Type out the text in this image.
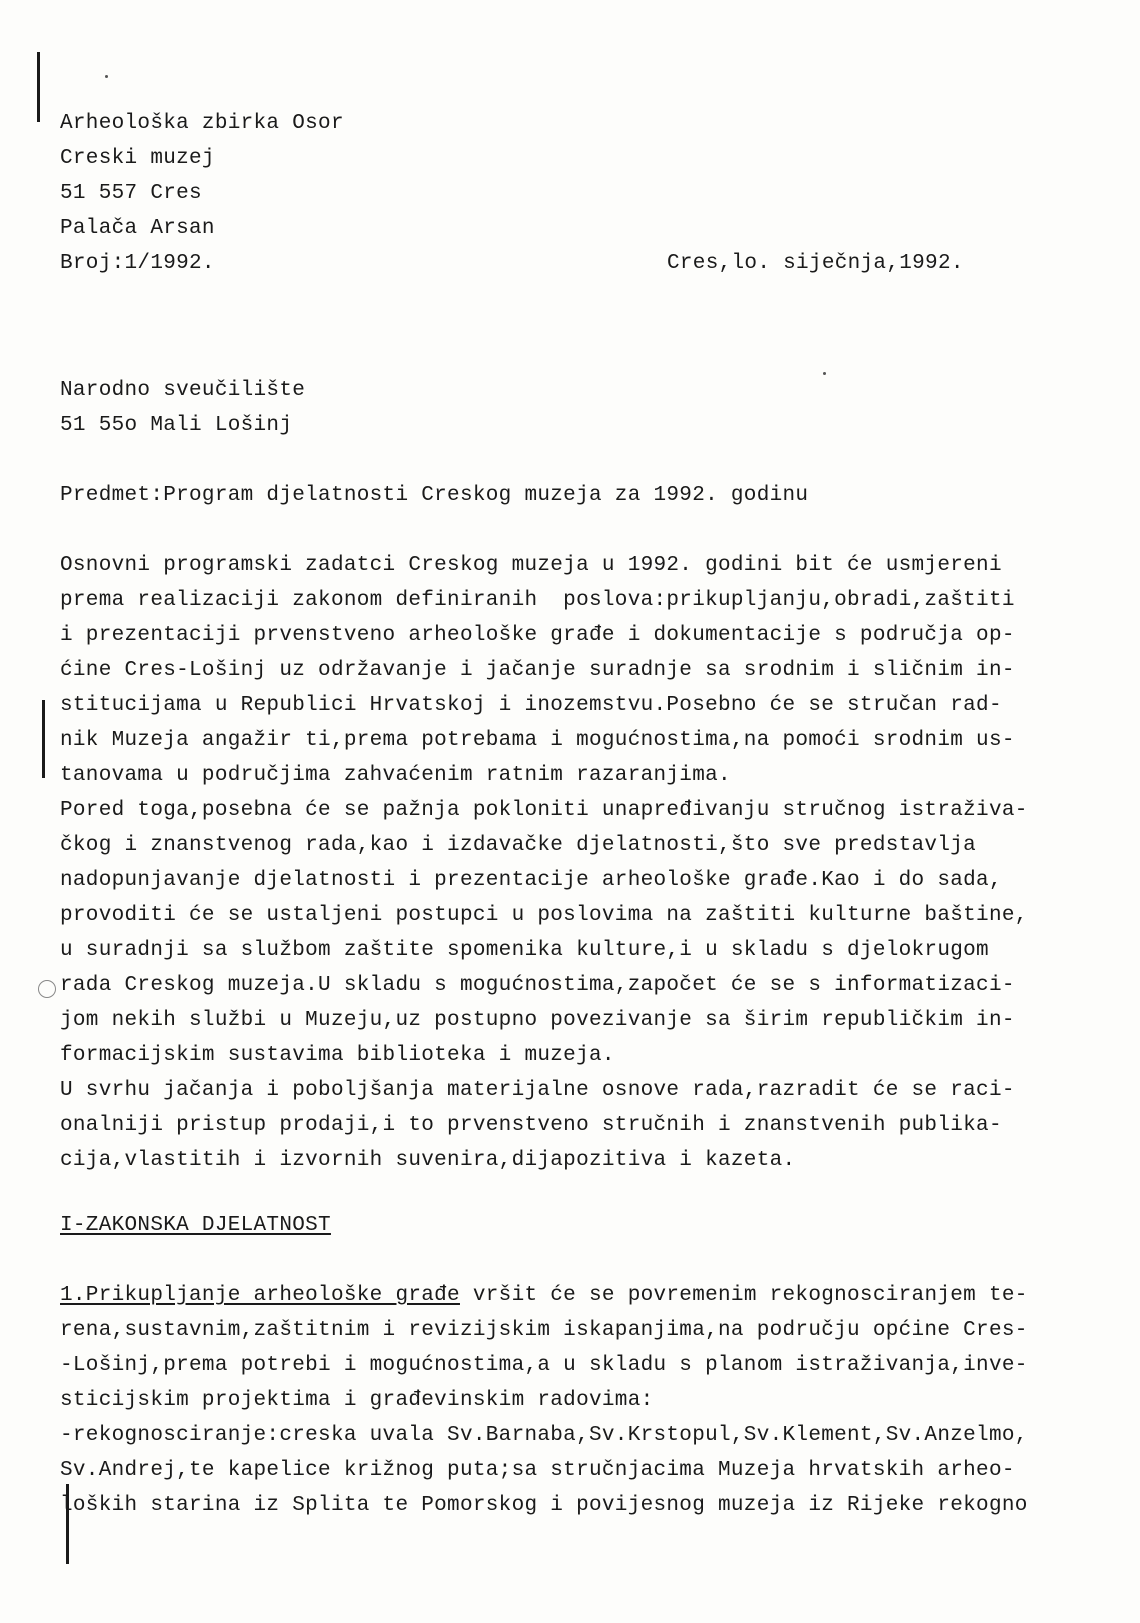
Arheološka zbirka Osor
Creski muzej
51 557 Cres
Palača Arsan
Broj:1/1992.	Cres,lo. siječnja,1992.
Narodno sveučilište
51 55o Mali Lošinj
Predmet:Program djelatnosti Creskog muzeja za 1992. godinu
Osnovni programski zadatci Creskog muzeja u 1992. godini bit će usmjereni
prema realizaciji zakonom definiranih  poslova:prikupljanju,obradi,zaštiti
i prezentaciji prvenstveno arheološke građe i dokumentacije s područja op-
ćine Cres-Lošinj uz održavanje i jačanje suradnje sa srodnim i sličnim in-
stitucijama u Republici Hrvatskoj i inozemstvu.Posebno će se stručan rad-
nik Muzeja angažir ti,prema potrebama i mogućnostima,na pomoći srodnim us-
tanovama u područjima zahvaćenim ratnim razaranjima.
Pored toga,posebna će se pažnja pokloniti unapređivanju stručnog istraživa-
čkog i znanstvenog rada,kao i izdavačke djelatnosti,što sve predstavlja
nadopunjavanje djelatnosti i prezentacije arheološke građe.Kao i do sada,
provoditi će se ustaljeni postupci u poslovima na zaštiti kulturne baštine,
u suradnji sa službom zaštite spomenika kulture,i u skladu s djelokrugom
rada Creskog muzeja.U skladu s mogućnostima,započet će se s informatizaci-
jom nekih službi u Muzeju,uz postupno povezivanje sa širim republičkim in-
formacijskim sustavima biblioteka i muzeja.
U svrhu jačanja i poboljšanja materijalne osnove rada,razradit će se raci-
onalniji pristup prodaji,i to prvenstveno stručnih i znanstvenih publika-
cija,vlastitih i izvornih suvenira,dijapozitiva i kazeta.
I-ZAKONSKA DJELATNOST
1.Prikupljanje arheološke građe vršit će se povremenim rekognosciranjem te-
rena,sustavnim,zaštitnim i revizijskim iskapanjima,na području općine Cres-
-Lošinj,prema potrebi i mogućnostima,a u skladu s planom istraživanja,inve-
sticijskim projektima i građevinskim radovima:
-rekognosciranje:creska uvala Sv.Barnaba,Sv.Krstopul,Sv.Klement,Sv.Anzelmo,
Sv.Andrej,te kapelice križnog puta;sa stručnjacima Muzeja hrvatskih arheo-
loških starina iz Splita te Pomorskog i povijesnog muzeja iz Rijeke rekogno
